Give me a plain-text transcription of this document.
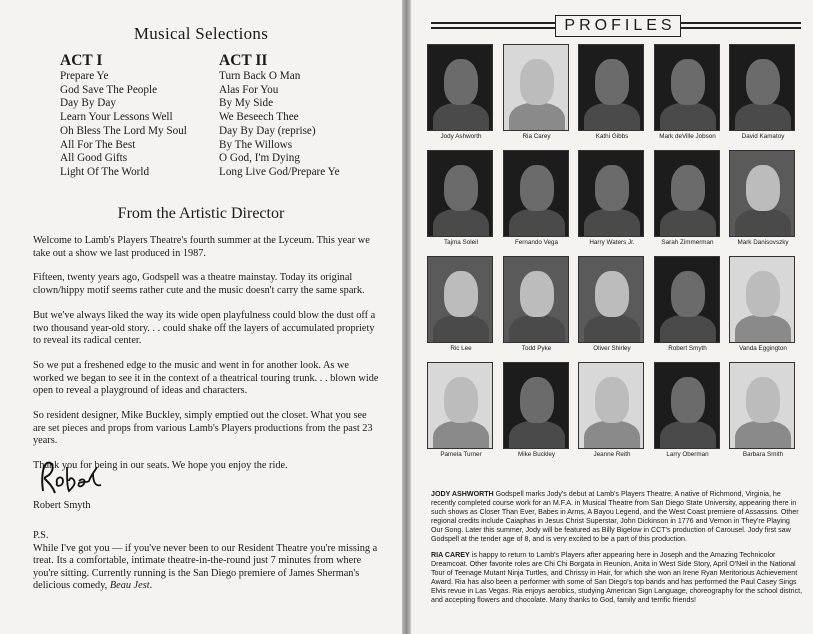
Musical Selections
ACT I
Prepare Ye
God Save The People
Day By Day
Learn Your Lessons Well
Oh Bless The Lord My Soul
All For The Best
All Good Gifts
Light Of The World
ACT II
Turn Back O Man
Alas For You
By My Side
We Beseech Thee
Day By Day (reprise)
By The Willows
O God, I'm Dying
Long Live God/Prepare Ye
From the Artistic Director

Welcome to Lamb's Players Theatre's fourth summer at the Lyceum. This year we take out a show we last produced in 1987.

Fifteen, twenty years ago, Godspell was a theatre mainstay. Today its original clown/hippy motif seems rather cute and the music doesn't carry the same spark.

But we've always liked the way its wide open playfulness could blow the dust off a two thousand year-old story. . . could shake off the layers of accumulated propriety to reveal its radical center.

So we put a freshened edge to the music and went in for another look. As we worked we began to see it in the context of a theatrical touring trunk. . . blown wide open to reveal a playground of ideas and characters.

So resident designer, Mike Buckley, simply emptied out the closet. What you see are set pieces and props from various Lamb's Players productions from the past 23 years.

Thank you for being in our seats. We hope you enjoy the ride.

Robert Smyth
P.S.
While I've got you — if you've never been to our Resident Theatre you're missing a treat. Its a comfortable, intimate theatre-in-the-round just 7 minutes from where you're sitting. Currently running is the San Diego premiere of James Sherman's delicious comedy, Beau Jest.
PROFILES
Jody Ashworth	Ria Carey	Kathi Gibbs	Mark deVille Jobson	David Kamatoy
Tajma Soleil	Fernando Vega	Harry Waters Jr.	Sarah Zimmerman	Mark Danisovszky
Ric Lee	Todd Pyke	Oliver Shirley	Robert Smyth	Vanda Eggington
Pamela Turner	Mike Buckley	Jeanne Reith	Larry Oberman	Barbara Smith
JODY ASHWORTH Godspell marks Jody's debut at Lamb's Players Theatre. A native of Richmond, Virginia, he recently completed course work for an M.F.A. in Musical Theatre from San Diego State University, appearing there in such shows as Closer Than Ever, Babes in Arms, A Bayou Legend, and the West Coast premiere of Assassins. Other regional credits include Caiaphas in Jesus Christ Superstar, John Dickinson in 1776 and Vernon in They're Playing Our Song. Later this summer, Jody will be featured as Billy Bigelow in CCT's production of Carousel. Jody first saw Godspell at the tender age of 8, and is very excited to be a part of this production.
RIA CAREY is happy to return to Lamb's Players after appearing here in Joseph and the Amazing Technicolor Dreamcoat. Other favorite roles are Chi Chi Borgata in Reunion, Anita in West Side Story, April O'Neil in the National Tour of Teenage Mutant Ninja Turtles, and Chrissy in Hair, for which she won an Irene Ryan Meritorious Achievement Award. Ria has also been a performer with some of San Diego's top bands and has performed the Paul Casey Sings Elvis revue in Las Vegas. Ria enjoys aerobics, studying American Sign Language, choreography for the school district, and accepting flowers and chocolate. Many thanks to God, family and terrific friends!
